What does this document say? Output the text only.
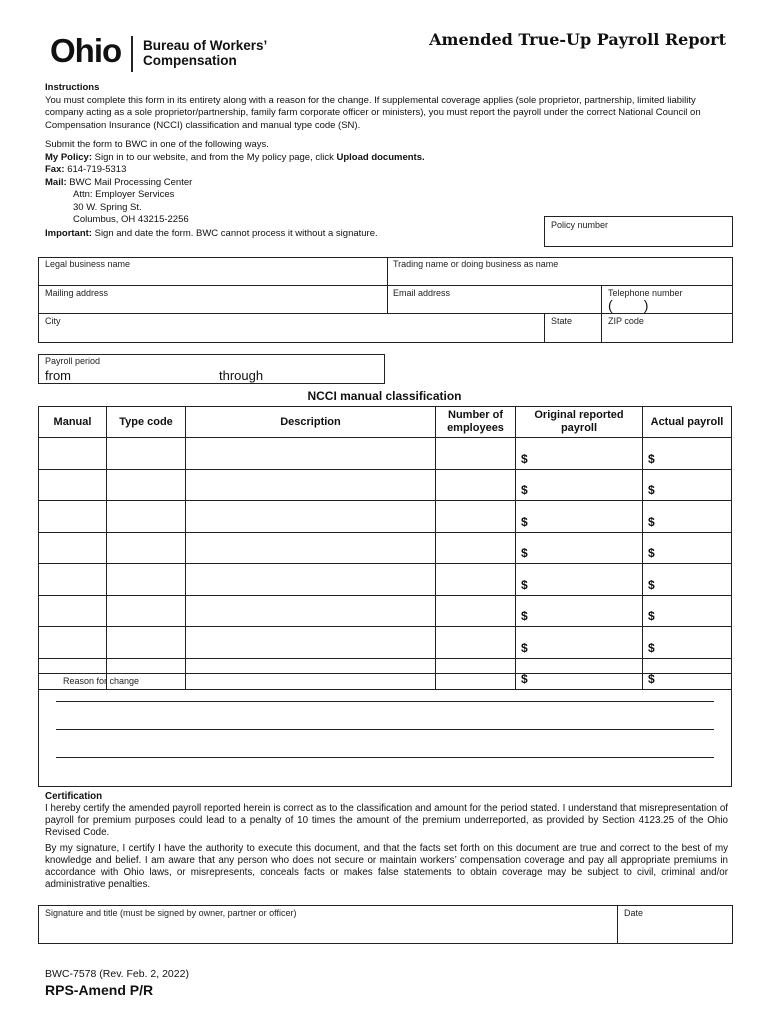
Ohio Bureau of Workers’
Compensation
Amended True-Up Payroll Report
Instructions
You must complete this form in its entirety along with a reason for the change. If supplemental coverage applies (sole proprietor, partnership, limited liability company acting as a sole proprietor/partnership, family farm corporate officer or ministers), you must report the payroll under the correct National Council on Compensation Insurance (NCCI) classification and manual type code (SN).
Submit the form to BWC in one of the following ways.
My Policy: Sign in to our website, and from the My policy page, click Upload documents.
Fax: 614-719-5313
Mail: BWC Mail Processing Center
Attn: Employer Services
30 W. Spring St.
Columbus, OH 43215-2256
Important: Sign and date the form. BWC cannot process it without a signature.
Policy number
Legal business name	Trading name or doing business as name
Mailing address	Email address	Telephone number
(        )
City	State	ZIP code
Payroll period
from	through
NCCI manual classification
Manual	Type code	Description	Number of employees	Original reported payroll	Actual payroll
				$	$
				$	$
				$	$
				$	$
				$	$
				$	$
				$	$
				$	$
Reason for change
Certification

I hereby certify the amended payroll reported herein is correct as to the classification and amount for the period stated. I understand that misrepresentation of payroll for premium purposes could lead to a penalty of 10 times the amount of the premium underreported, as provided by Section 4123.25 of the Ohio Revised Code.

By my signature, I certify I have the authority to execute this document, and that the facts set forth on this document are true and correct to the best of my knowledge and belief. I am aware that any person who does not secure or maintain workers’ compensation coverage and pay all appropriate premiums in accordance with Ohio laws, or misrepresents, conceals facts or makes false statements to obtain coverage may be subject to civil, criminal and/or administrative penalties.

Signature and title (must be signed by owner, partner or officer)	Date
BWC-7578 (Rev. Feb. 2, 2022)
RPS-Amend P/R
